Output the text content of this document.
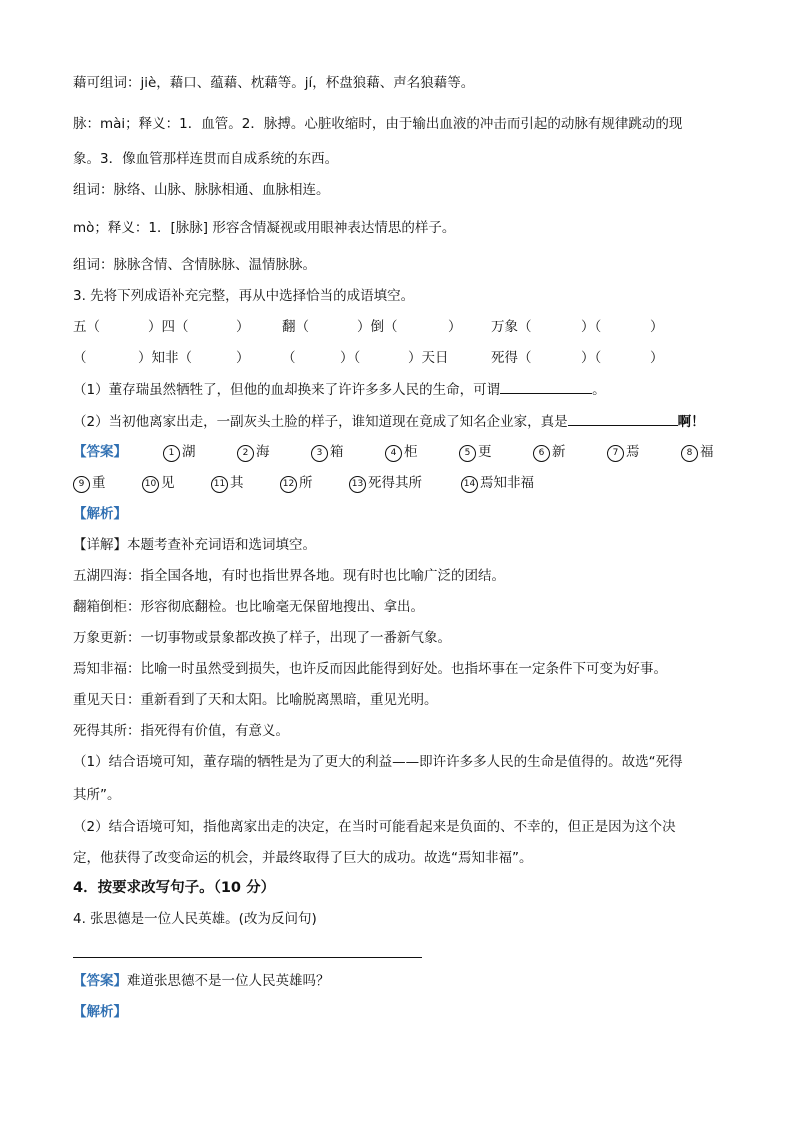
藉可组词：jiè，藉口、蕴藉、枕藉等。jí，杯盘狼藉、声名狼藉等。
脉：mài；释义：1．血管。2．脉搏。心脏收缩时，由于输出血液的冲击而引起的动脉有规律跳动的现
象。3．像血管那样连贯而自成系统的东西。
组词：脉络、山脉、脉脉相通、血脉相连。
mò；释义：1．[脉脉] 形容含情凝视或用眼神表达情思的样子。
组词：脉脉含情、含情脉脉、温情脉脉。
3. 先将下列成语补充完整，再从中选择恰当的成语填空。
五（	）四（	） 翻（	）倒（	） 万象（	）（	）
（	）知非（	） （	）（	）天日	死得（	）（	）
（1）董存瑞虽然牺牲了，但他的血却换来了许许多多人民的生命，可谓	。
（2）当初他离家出走，一副灰头土脸的样子，谁知道现在竟成了知名企业家，真是	啊！
【答案】	1 湖	2 海	3 箱	4 柜	5 更	6 新	7 焉	8 福
9 重	10 见	11 其	12 所	13 死得其所	14 焉知非福
【解析】
【详解】本题考查补充词语和选词填空。
五湖四海：指全国各地，有时也指世界各地。现有时也比喻广泛的团结。
翻箱倒柜：形容彻底翻检。也比喻毫无保留地搜出、拿出。
万象更新：一切事物或景象都改换了样子，出现了一番新气象。
焉知非福：比喻一时虽然受到损失，也许反而因此能得到好处。也指坏事在一定条件下可变为好事。
重见天日：重新看到了天和太阳。比喻脱离黑暗，重见光明。
死得其所：指死得有价值，有意义。
（1）结合语境可知，董存瑞的牺牲是为了更大的利益——即许许多多人民的生命是值得的。故选“死得
其所”。
（2）结合语境可知，指他离家出走的决定，在当时可能看起来是负面的、不幸的，但正是因为这个决
定，他获得了改变命运的机会，并最终取得了巨大的成功。故选“焉知非福”。
4．按要求改写句子。（10 分）
4. 张思德是一位人民英雄。(改为反问句)
【答案】难道张思德不是一位人民英雄吗？
【解析】
